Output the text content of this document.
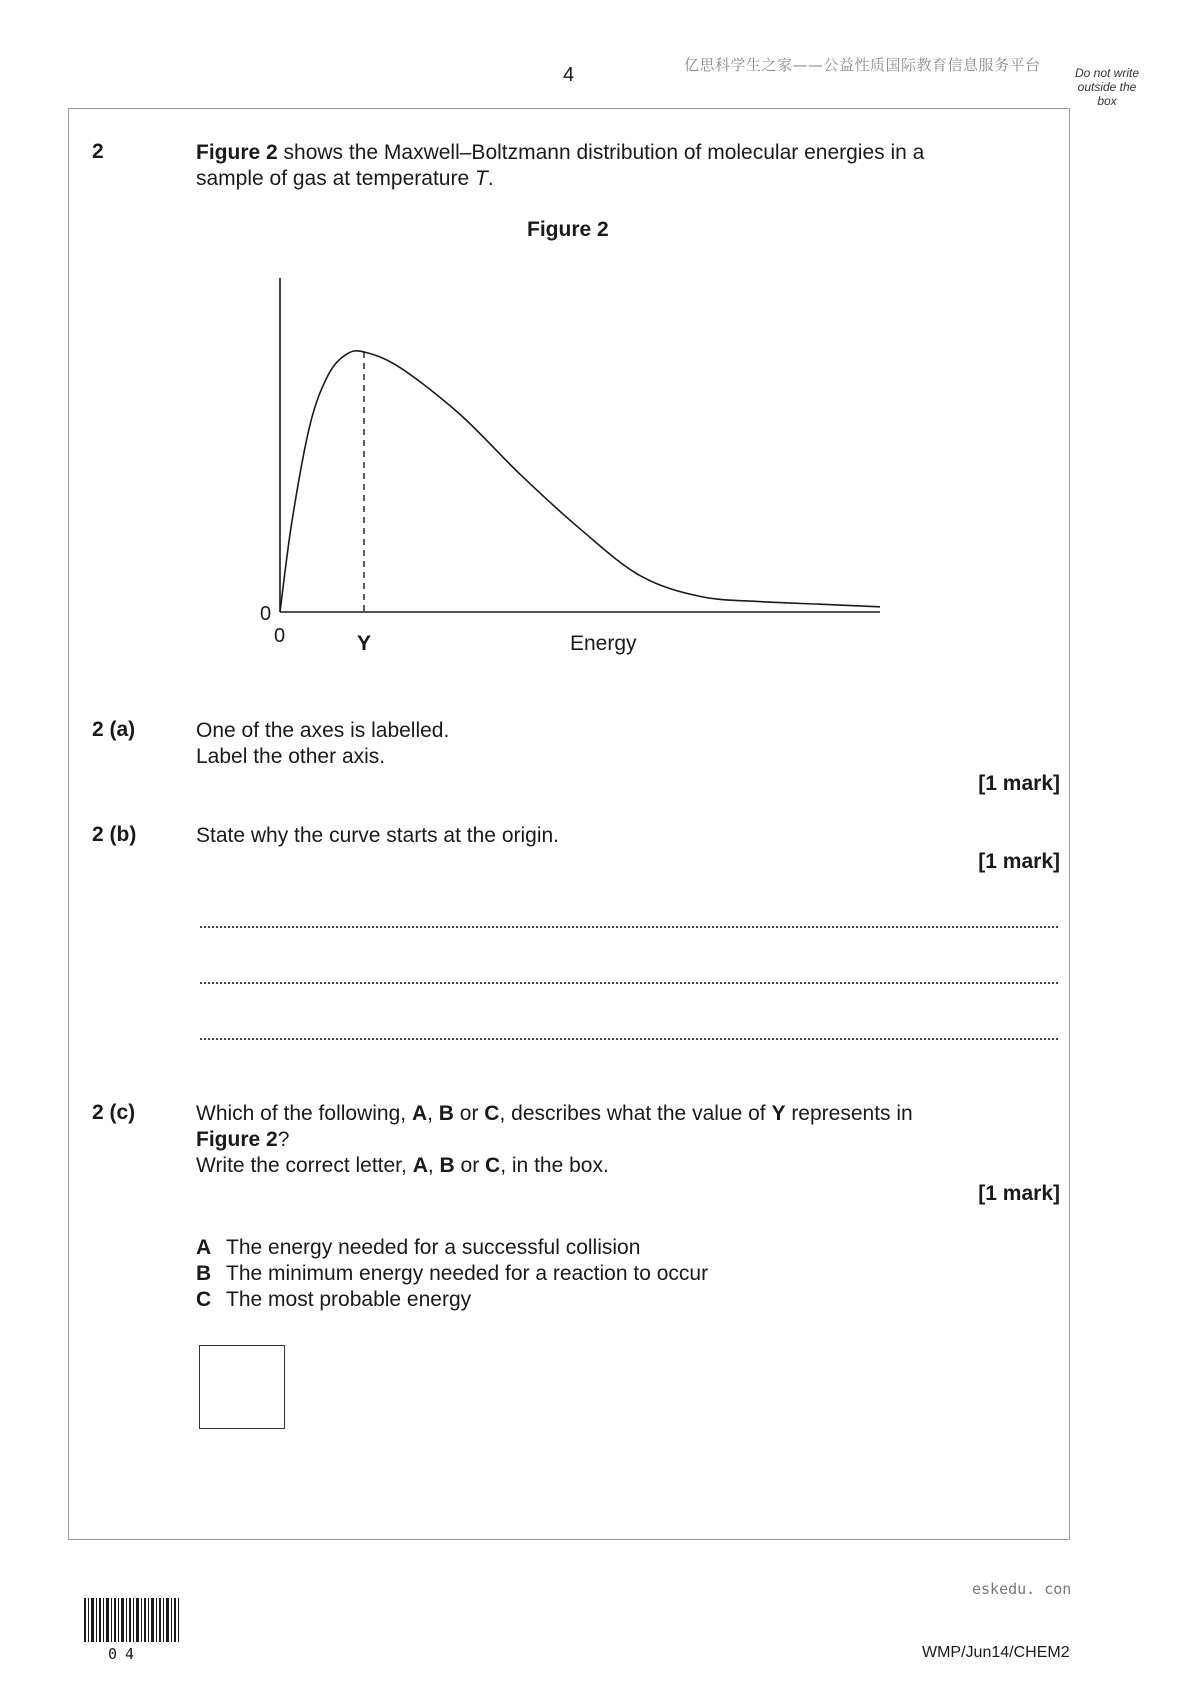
4	亿思科学生之家——公益性质国际教育信息服务平台	Do not write
outside the
box
2	Figure 2 shows the Maxwell–Boltzmann distribution of molecular energies in a
sample of gas at temperature T.
Figure 2
0
0	Y	Energy
2 (a)	One of the axes is labelled.
Label the other axis.
[1 mark]
2 (b)	State why the curve starts at the origin.
[1 mark]
2 (c)	Which of the following, A, B or C, describes what the value of Y represents in
Figure 2?
Write the correct letter, A, B or C, in the box.
[1 mark]
A The energy needed for a successful collision
B The minimum energy needed for a reaction to occur
C The most probable energy
eskedu. con
04	WMP/Jun14/CHEM2
